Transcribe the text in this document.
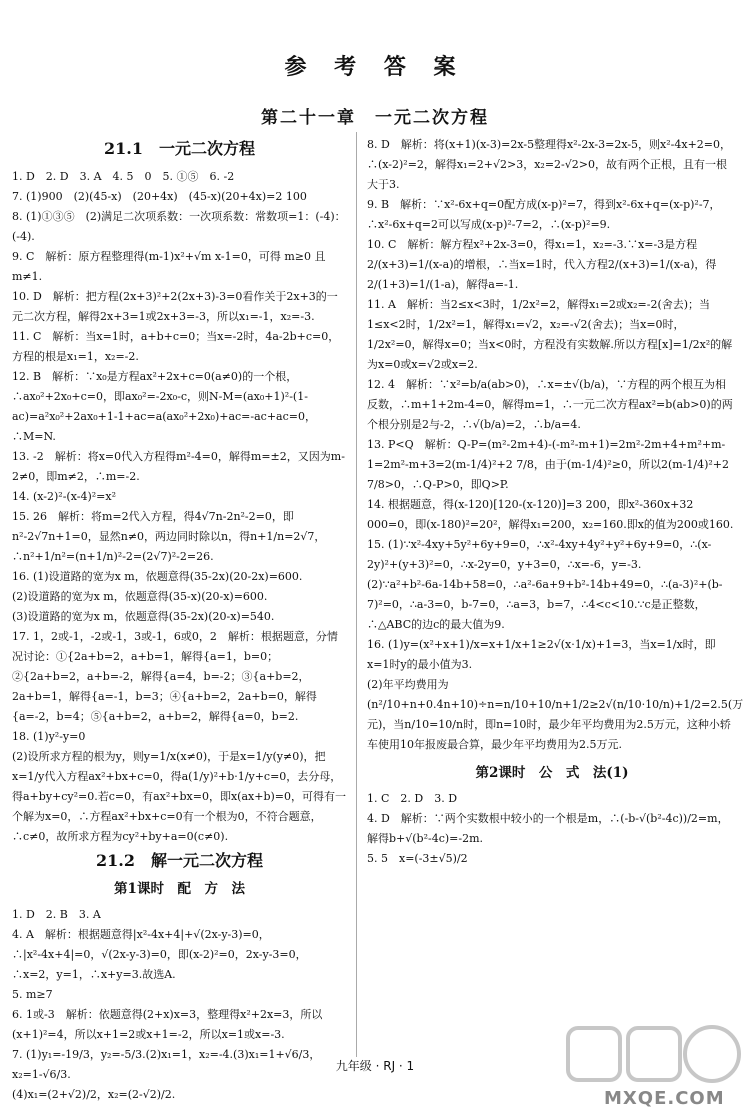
参 考 答 案
第二十一章　一元二次方程
21.1　一元二次方程

1. D　2. D　3. A　4. 5　0　5. ①⑤　6. -2

7. (1)900　(2)(45-x)　(20+4x)　(45-x)(20+4x)=2 100

8. (1)①③⑤　(2)满足二次项系数：一次项系数：常数项=1：(-4)：(-4).

9. C　解析：原方程整理得(m-1)x²+√m x-1=0，可得 m≥0 且 m≠1.

10. D　解析：把方程(2x+3)²+2(2x+3)-3=0看作关于2x+3的一元二次方程，解得2x+3=1或2x+3=-3，所以x₁=-1，x₂=-3.

11. C　解析：当x=1时，a+b+c=0；当x=-2时，4a-2b+c=0，方程的根是x₁=1，x₂=-2.

12. B　解析：∵x₀是方程ax²+2x+c=0(a≠0)的一个根，∴ax₀²+2x₀+c=0，即ax₀²=-2x₀-c，则N-M=(ax₀+1)²-(1-ac)=a²x₀²+2ax₀+1-1+ac=a(ax₀²+2x₀)+ac=-ac+ac=0，∴M=N.

13. -2　解析：将x=0代入方程得m²-4=0，解得m=±2，又因为m-2≠0，即m≠2，∴m=-2.

14. (x-2)²-(x-4)²=x²

15. 26　解析：将m=2代入方程，得4√7n-2n²-2=0，即n²-2√7n+1=0，显然n≠0，两边同时除以n，得n+1/n=2√7，∴n²+1/n²=(n+1/n)²-2=(2√7)²-2=26.

16. (1)设道路的宽为x m，依题意得(35-2x)(20-2x)=600.

(2)设道路的宽为x m，依题意得(35-x)(20-x)=600.

(3)设道路的宽为x m，依题意得(35-2x)(20-x)=540.

17. 1，2或-1，-2或-1，3或-1，6或0，2　解析：根据题意，分情况讨论：①{2a+b=2，a+b=1，解得{a=1，b=0；②{2a+b=2，a+b=-2，解得{a=4，b=-2；③{a+b=2，2a+b=1，解得{a=-1，b=3；④{a+b=2，2a+b=0，解得{a=-2，b=4；⑤{a+b=2，a+b=2，解得{a=0，b=2.

18. (1)y²-y=0

(2)设所求方程的根为y，则y=1/x(x≠0)，于是x=1/y(y≠0)，把x=1/y代入方程ax²+bx+c=0，得a(1/y)²+b·1/y+c=0，去分母，得a+by+cy²=0.若c=0，有ax²+bx=0，即x(ax+b)=0，可得有一个解为x=0，∴方程ax²+bx+c=0有一个根为0，不符合题意，∴c≠0，故所求方程为cy²+by+a=0(c≠0).

21.2　解一元二次方程
第1课时　配　方　法

1. D　2. B　3. A

4. A　解析：根据题意得|x²-4x+4|+√(2x-y-3)=0，∴|x²-4x+4|=0，√(2x-y-3)=0，即(x-2)²=0，2x-y-3=0，∴x=2，y=1，∴x+y=3.故选A.

5. m≥7

6. 1或-3　解析：依题意得(2+x)x=3，整理得x²+2x=3，所以(x+1)²=4，所以x+1=2或x+1=-2，所以x=1或x=-3.

7. (1)y₁=-19/3，y₂=-5/3.(2)x₁=1，x₂=-4.(3)x₁=1+√6/3，x₂=1-√6/3.

(4)x₁=(2+√2)/2，x₂=(2-√2)/2.

8. D　解析：将(x+1)(x-3)=2x-5整理得x²-2x-3=2x-5，则x²-4x+2=0，∴(x-2)²=2，解得x₁=2+√2>3，x₂=2-√2>0，故有两个正根，且有一根大于3.

9. B　解析：∵x²-6x+q=0配方成(x-p)²=7，得到x²-6x+q=(x-p)²-7，∴x²-6x+q=2可以写成(x-p)²-7=2，∴(x-p)²=9.

10. C　解析：解方程x²+2x-3=0，得x₁=1，x₂=-3.∵x=-3是方程2/(x+3)=1/(x-a)的增根，∴当x=1时，代入方程2/(x+3)=1/(x-a)，得2/(1+3)=1/(1-a)，解得a=-1.

11. A　解析：当2≤x<3时，1/2x²=2，解得x₁=2或x₂=-2(舍去)；当1≤x<2时，1/2x²=1，解得x₁=√2，x₂=-√2(舍去)；当x=0时，1/2x²=0，解得x=0；当x<0时，方程没有实数解.所以方程[x]=1/2x²的解为x=0或x=√2或x=2.

12. 4　解析：∵x²=b/a(ab>0)，∴x=±√(b/a)，∵方程的两个根互为相反数，∴m+1+2m-4=0，解得m=1，∴一元二次方程ax²=b(ab>0)的两个根分别是2与-2，∴√(b/a)=2，∴b/a=4.

13. P<Q　解析：Q-P=(m²-2m+4)-(-m²-m+1)=2m²-2m+4+m²+m-1=2m²-m+3=2(m-1/4)²+2 7/8，由于(m-1/4)²≥0，所以2(m-1/4)²+2 7/8>0，∴Q-P>0，即Q>P.

14. 根据题意，得(x-120)[120-(x-120)]=3 200，即x²-360x+32 000=0，即(x-180)²=20²，解得x₁=200，x₂=160.即x的值为200或160.

15. (1)∵x²-4xy+5y²+6y+9=0，∴x²-4xy+4y²+y²+6y+9=0，∴(x-2y)²+(y+3)²=0，∴x-2y=0，y+3=0，∴x=-6，y=-3.

(2)∵a²+b²-6a-14b+58=0，∴a²-6a+9+b²-14b+49=0，∴(a-3)²+(b-7)²=0，∴a-3=0，b-7=0，∴a=3，b=7，∴4<c<10.∵c是正整数，∴△ABC的边c的最大值为9.

16. (1)y=(x²+x+1)/x=x+1/x+1≥2√(x·1/x)+1=3，当x=1/x时，即x=1时y的最小值为3.

(2)年平均费用为(n²/10+n+0.4n+10)÷n=n/10+10/n+1/2≥2√(n/10·10/n)+1/2=2.5(万元)，当n/10=10/n时，即n=10时，最少年平均费用为2.5万元，这种小轿车使用10年报废最合算，最少年平均费用为2.5万元.

第2课时　公　式　法(1)

1. C　2. D　3. D

4. D　解析：∵两个实数根中较小的一个根是m，∴(-b-√(b²-4c))/2=m，解得b+√(b²-4c)=-2m.

5. 5　x=(-3±√5)/2

九年级 · RJ · 1
MXQE.COM
